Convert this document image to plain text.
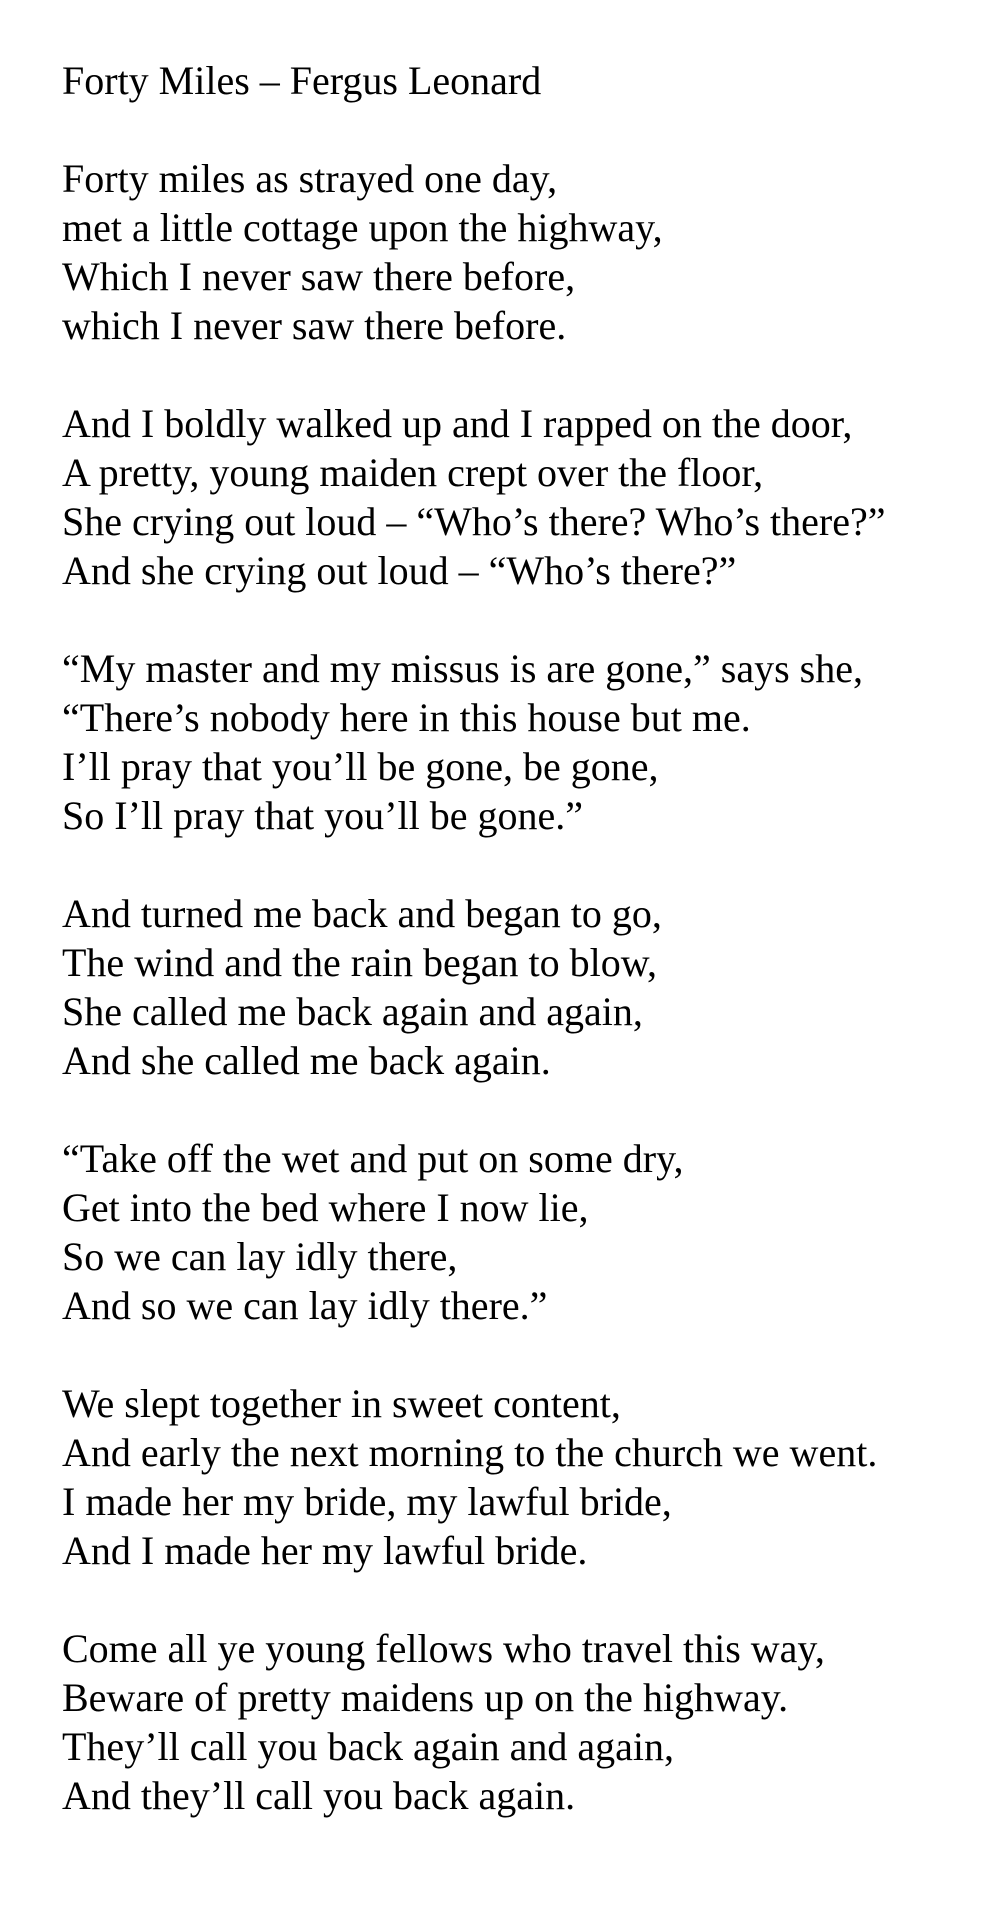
Forty Miles – Fergus Leonard
Forty miles as strayed one day,
met a little cottage upon the highway,
Which I never saw there before,
which I never saw there before.
And I boldly walked up and I rapped on the door,
A pretty, young maiden crept over the floor,
She crying out loud – “Who’s there? Who’s there?”
And she crying out loud – “Who’s there?”
“My master and my missus is are gone,” says she,
“There’s nobody here in this house but me.
I’ll pray that you’ll be gone, be gone,
So I’ll pray that you’ll be gone.”
And turned me back and began to go,
The wind and the rain began to blow,
She called me back again and again,
And she called me back again.
“Take off the wet and put on some dry,
Get into the bed where I now lie,
So we can lay idly there,
And so we can lay idly there.”
We slept together in sweet content,
And early the next morning to the church we went.
I made her my bride, my lawful bride,
And I made her my lawful bride.
Come all ye young fellows who travel this way,
Beware of pretty maidens up on the highway.
They’ll call you back again and again,
And they’ll call you back again.
